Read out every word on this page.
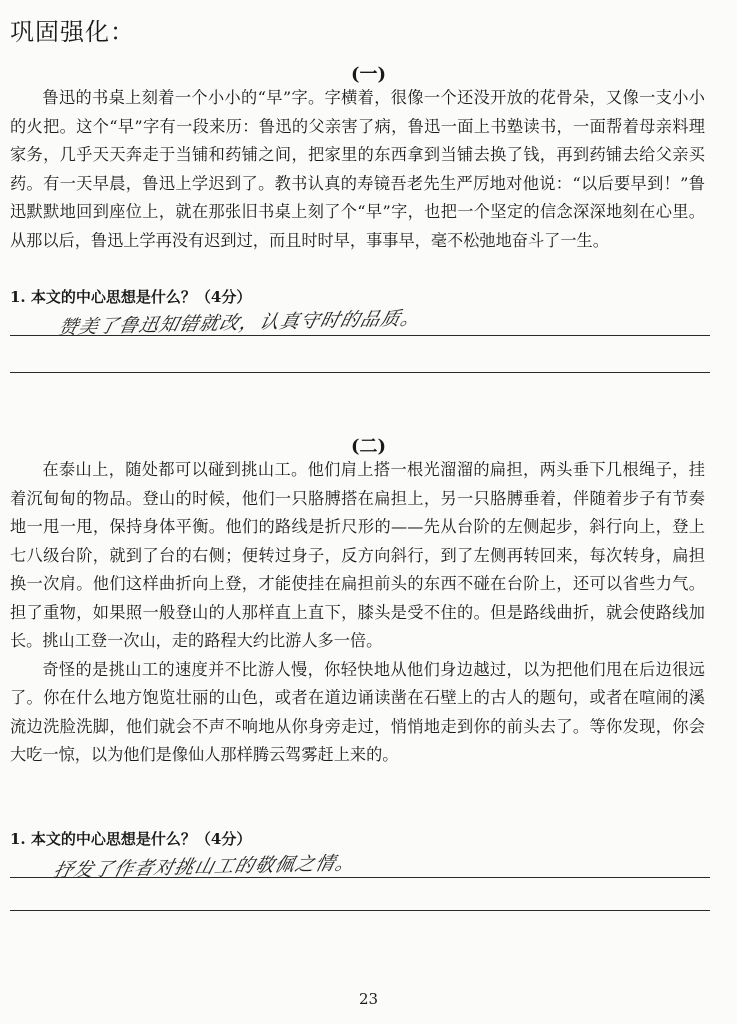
巩固强化：
(一)

鲁迅的书桌上刻着一个小小的“早”字。字横着，很像一个还没开放的花骨朵，又像一支小小的火把。这个“早”字有一段来历：鲁迅的父亲害了病，鲁迅一面上书塾读书，一面帮着母亲料理家务，几乎天天奔走于当铺和药铺之间，把家里的东西拿到当铺去换了钱，再到药铺去给父亲买药。有一天早晨，鲁迅上学迟到了。教书认真的寿镜吾老先生严厉地对他说：“以后要早到！”鲁迅默默地回到座位上，就在那张旧书桌上刻了个“早”字，也把一个坚定的信念深深地刻在心里。从那以后，鲁迅上学再没有迟到过，而且时时早，事事早，毫不松弛地奋斗了一生。

1. 本文的中心思想是什么？（4分）
赞美了鲁迅知错就改，认真守时的品质。
(二)

在泰山上，随处都可以碰到挑山工。他们肩上搭一根光溜溜的扁担，两头垂下几根绳子，挂着沉甸甸的物品。登山的时候，他们一只胳膊搭在扁担上，另一只胳膊垂着，伴随着步子有节奏地一甩一甩，保持身体平衡。他们的路线是折尺形的——先从台阶的左侧起步，斜行向上，登上七八级台阶，就到了台的右侧；便转过身子，反方向斜行，到了左侧再转回来，每次转身，扁担换一次肩。他们这样曲折向上登，才能使挂在扁担前头的东西不碰在台阶上，还可以省些力气。担了重物，如果照一般登山的人那样直上直下，膝头是受不住的。但是路线曲折，就会使路线加长。挑山工登一次山，走的路程大约比游人多一倍。

奇怪的是挑山工的速度并不比游人慢，你轻快地从他们身边越过，以为把他们甩在后边很远了。你在什么地方饱览壮丽的山色，或者在道边诵读凿在石壁上的古人的题句，或者在喧闹的溪流边洗脸洗脚，他们就会不声不响地从你身旁走过，悄悄地走到你的前头去了。等你发现，你会大吃一惊，以为他们是像仙人那样腾云驾雾赶上来的。

1. 本文的中心思想是什么？（4分）
抒发了作者对挑山工的敬佩之情。
23
